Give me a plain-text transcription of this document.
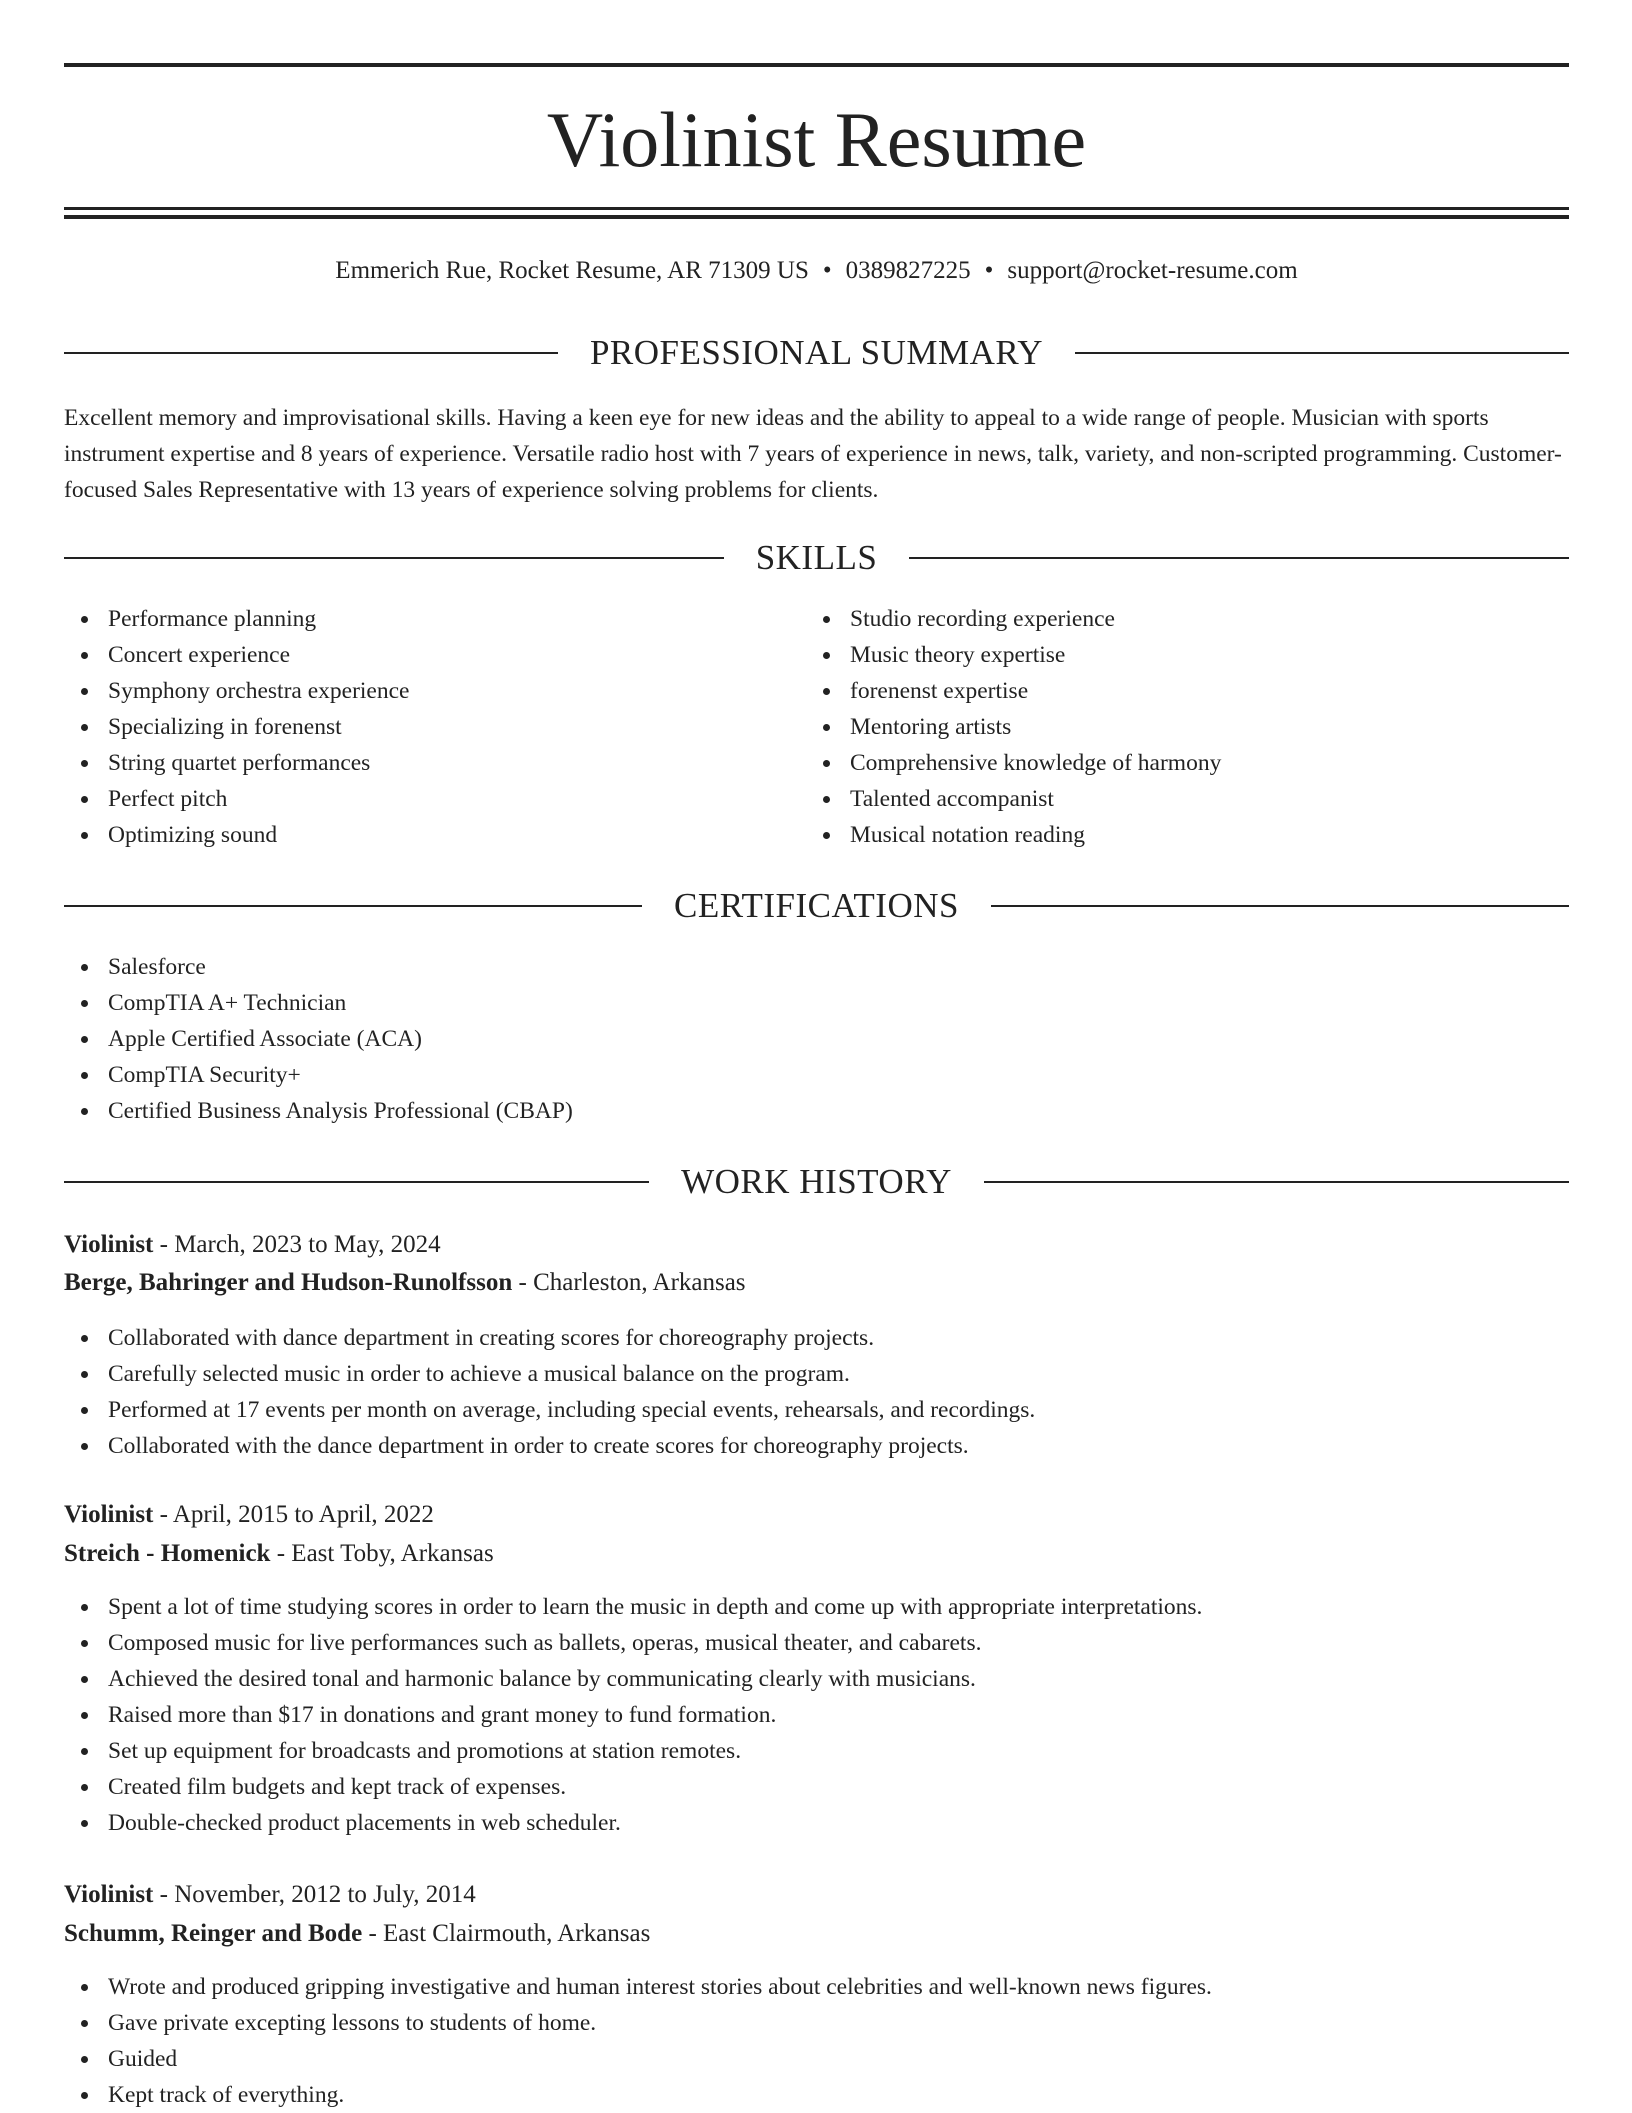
Violinist Resume
Emmerich Rue, Rocket Resume, AR 71309 US • 0389827225 • support@rocket-resume.com
PROFESSIONAL SUMMARY

Excellent memory and improvisational skills. Having a keen eye for new ideas and the ability to appeal to a wide range of people. Musician with sports instrument expertise and 8 years of experience. Versatile radio host with 7 years of experience in news, talk, variety, and non-scripted programming. Customer-focused Sales Representative with 13 years of experience solving problems for clients.

SKILLS
Performance planning
Concert experience
Symphony orchestra experience
Specializing in forenenst
String quartet performances
Perfect pitch
Optimizing sound
Studio recording experience
Music theory expertise
forenenst expertise
Mentoring artists
Comprehensive knowledge of harmony
Talented accompanist
Musical notation reading
CERTIFICATIONS
Salesforce
CompTIA A+ Technician
Apple Certified Associate (ACA)
CompTIA Security+
Certified Business Analysis Professional (CBAP)
WORK HISTORY
Violinist - March, 2023 to May, 2024
Berge, Bahringer and Hudson-Runolfsson - Charleston, Arkansas
Collaborated with dance department in creating scores for choreography projects.
Carefully selected music in order to achieve a musical balance on the program.
Performed at 17 events per month on average, including special events, rehearsals, and recordings.
Collaborated with the dance department in order to create scores for choreography projects.
Violinist - April, 2015 to April, 2022
Streich - Homenick - East Toby, Arkansas
Spent a lot of time studying scores in order to learn the music in depth and come up with appropriate interpretations.
Composed music for live performances such as ballets, operas, musical theater, and cabarets.
Achieved the desired tonal and harmonic balance by communicating clearly with musicians.
Raised more than $17 in donations and grant money to fund formation.
Set up equipment for broadcasts and promotions at station remotes.
Created film budgets and kept track of expenses.
Double-checked product placements in web scheduler.
Violinist - November, 2012 to July, 2014
Schumm, Reinger and Bode - East Clairmouth, Arkansas
Wrote and produced gripping investigative and human interest stories about celebrities and well-known news figures.
Gave private excepting lessons to students of home.
Guided
Kept track of everything.
